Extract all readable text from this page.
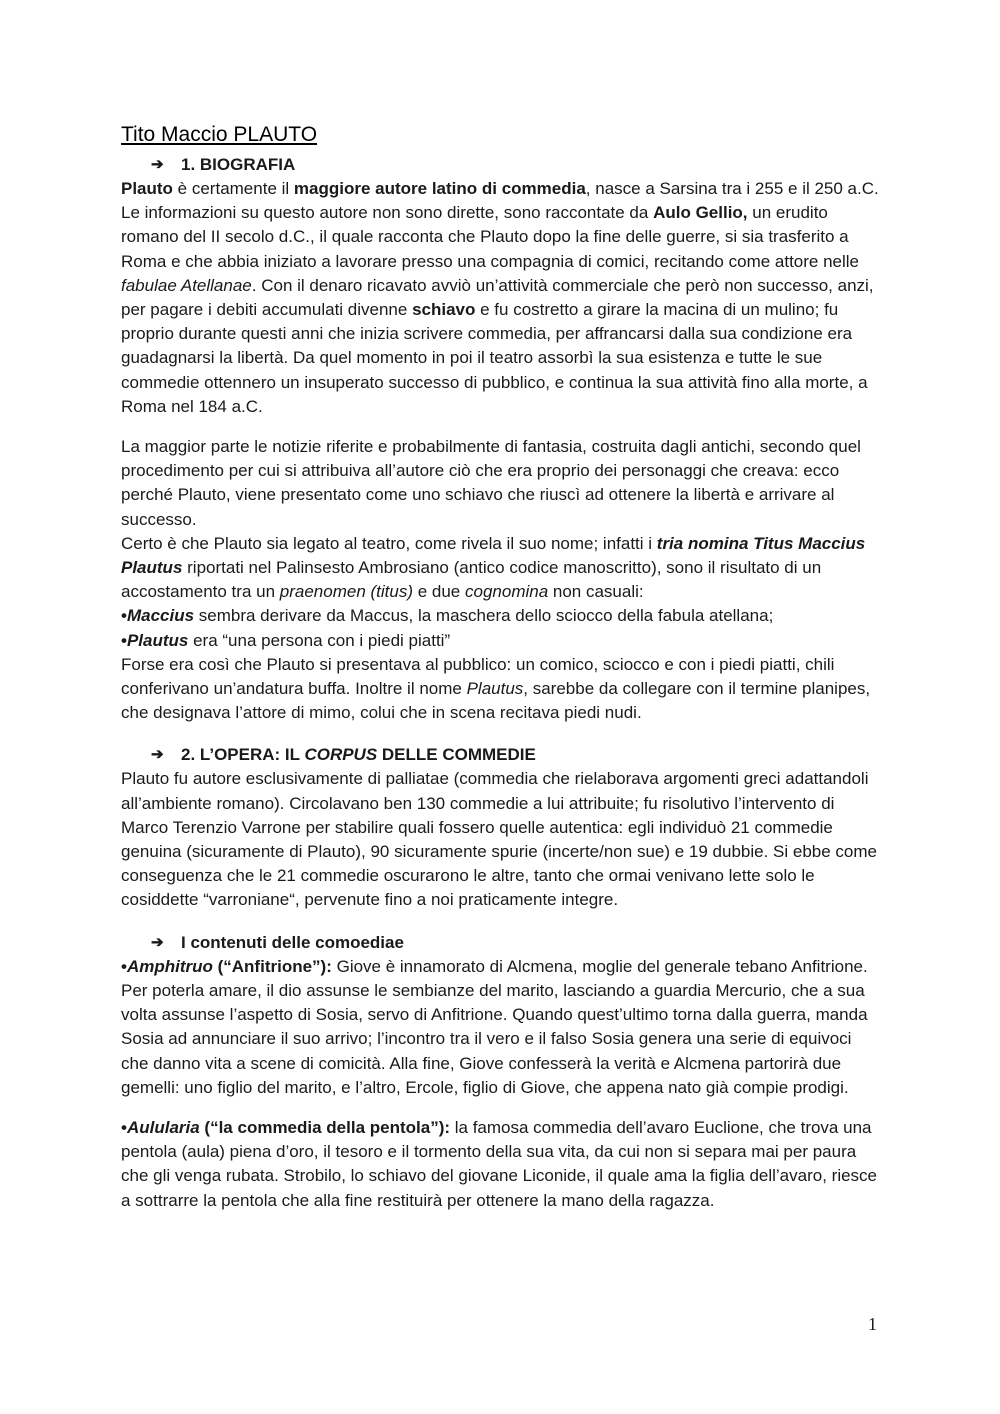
Tito Maccio PLAUTO
➔	1. BIOGRAFIA

Plauto è certamente il maggiore autore latino di commedia, nasce a Sarsina tra i 255 e il 250 a.C. Le informazioni su questo autore non sono dirette, sono raccontate da Aulo Gellio, un erudito romano del II secolo d.C., il quale racconta che Plauto dopo la fine delle guerre, si sia trasferito a Roma e che abbia iniziato a lavorare presso una compagnia di comici, recitando come attore nelle fabulae Atellanae. Con il denaro ricavato avviò un’attività commerciale che però non successo, anzi, per pagare i debiti accumulati divenne schiavo e fu costretto a girare la macina di un mulino; fu proprio durante questi anni che inizia scrivere commedia, per affrancarsi dalla sua condizione era guadagnarsi la libertà. Da quel momento in poi il teatro assorbì la sua esistenza e tutte le sue commedie ottennero un insuperato successo di pubblico, e continua la sua attività fino alla morte, a Roma nel 184 a.C.

La maggior parte le notizie riferite e probabilmente di fantasia, costruita dagli antichi, secondo quel procedimento per cui si attribuiva all’autore ciò che era proprio dei personaggi che creava: ecco perché Plauto, viene presentato come uno schiavo che riuscì ad ottenere la libertà e arrivare al successo.

Certo è che Plauto sia legato al teatro, come rivela il suo nome; infatti i tria nomina Titus Maccius Plautus riportati nel Palinsesto Ambrosiano (antico codice manoscritto), sono il risultato di un accostamento tra un praenomen (titus) e due cognomina non casuali:

•Maccius sembra derivare da Maccus, la maschera dello sciocco della fabula atellana;

•Plautus era “una persona con i piedi piatti”

Forse era così che Plauto si presentava al pubblico: un comico, sciocco e con i piedi piatti, chili conferivano un’andatura buffa. Inoltre il nome Plautus, sarebbe da collegare con il termine planipes, che designava l’attore di mimo, colui che in scena recitava piedi nudi.

➔	2. L’OPERA: IL CORPUS DELLE COMMEDIE

Plauto fu autore esclusivamente di palliatae (commedia che rielaborava argomenti greci adattandoli all’ambiente romano). Circolavano ben 130 commedie a lui attribuite; fu risolutivo l’intervento di Marco Terenzio Varrone per stabilire quali fossero quelle autentica: egli individuò 21 commedie genuina (sicuramente di Plauto), 90 sicuramente spurie (incerte/non sue) e 19 dubbie. Si ebbe come conseguenza che le 21 commedie oscurarono le altre, tanto che ormai venivano lette solo le cosiddette “varroniane“, pervenute fino a noi praticamente integre.

➔	I contenuti delle comoediae

•Amphitruo (“Anfitrione”): Giove è innamorato di Alcmena, moglie del generale tebano Anfitrione. Per poterla amare, il dio assunse le sembianze del marito, lasciando a guardia Mercurio, che a sua volta assunse l’aspetto di Sosia, servo di Anfitrione. Quando quest’ultimo torna dalla guerra, manda Sosia ad annunciare il suo arrivo; l’incontro tra il vero e il falso Sosia genera una serie di equivoci che danno vita a scene di comicità. Alla fine, Giove confesserà la verità e Alcmena partorirà due gemelli: uno figlio del marito, e l’altro, Ercole, figlio di Giove, che appena nato già compie prodigi.

•Aulularia (“la commedia della pentola”): la famosa commedia dell’avaro Euclione, che trova una pentola (aula) piena d’oro, il tesoro e il tormento della sua vita, da cui non si separa mai per paura che gli venga rubata. Strobilo, lo schiavo del giovane Liconide, il quale ama la figlia dell’avaro, riesce a sottrarre la pentola che alla fine restituirà per ottenere la mano della ragazza.

1
